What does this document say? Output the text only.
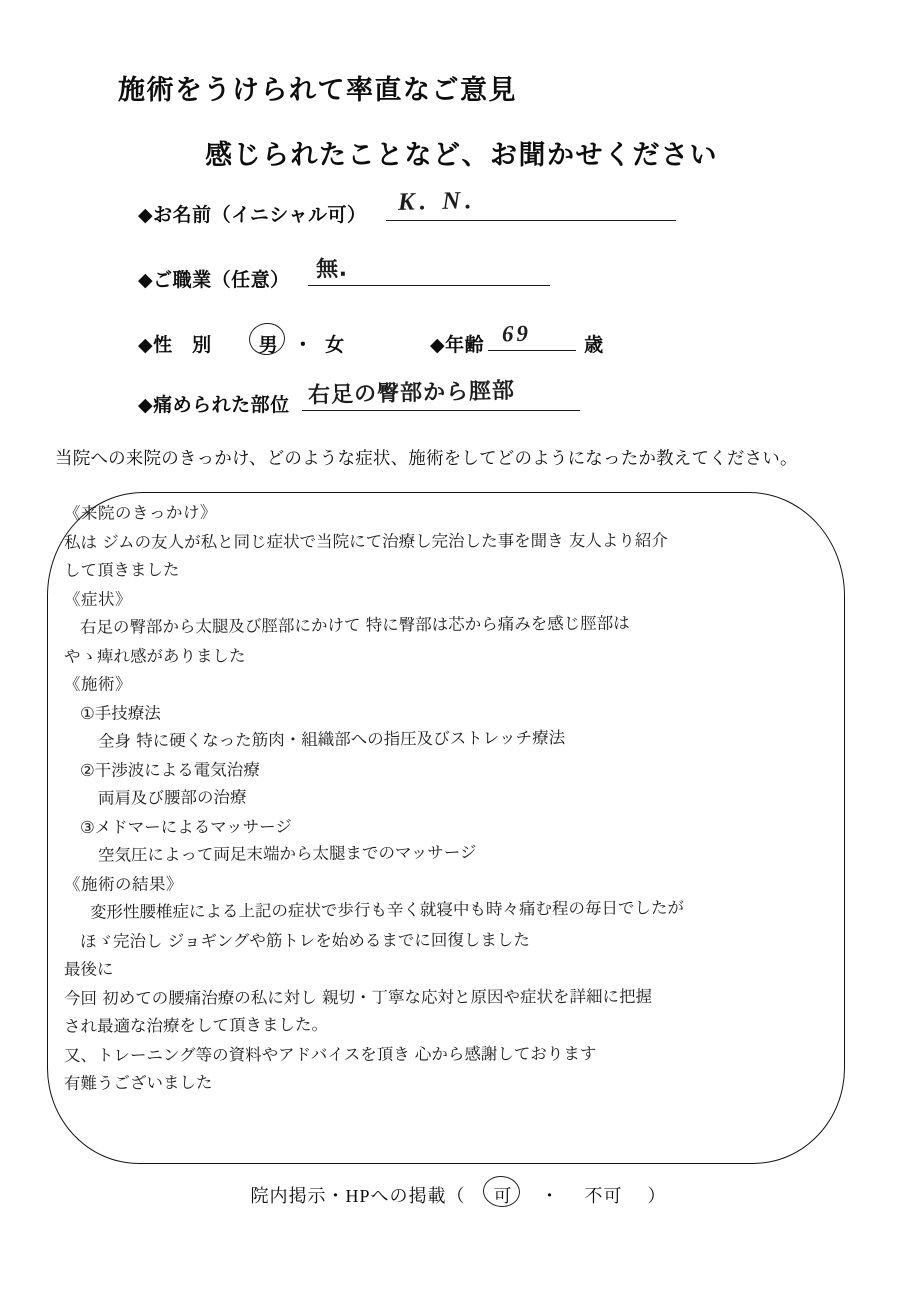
施術をうけられて率直なご意見
感じられたことなど、お聞かせください
◆お名前（イニシャル可） K. N.
◆ご職業（任意） 無.
◆性　別 男 ・ 女	◆年齢 69	歳
◆痛められた部位 右足の臀部から脛部
当院への来院のきっかけ、どのような症状、施術をしてどのようになったか教えてください。
《来院のきっかけ》
私は ジムの友人が私と同じ症状で当院にて治療し完治した事を聞き 友人より紹介
して頂きました
《症状》
右足の臀部から太腿及び脛部にかけて 特に臀部は芯から痛みを感じ脛部は
やゝ痺れ感がありました
《施術》
①手技療法
全身 特に硬くなった筋肉・組織部への指圧及びストレッチ療法
②干渉波による電気治療
両肩及び腰部の治療
③メドマーによるマッサージ
空気圧によって両足末端から太腿までのマッサージ
《施術の結果》
変形性腰椎症による上記の症状で歩行も辛く就寝中も時々痛む程の毎日でしたが
ほゞ完治し ジョギングや筋トレを始めるまでに回復しました
最後に
今回 初めての腰痛治療の私に対し 親切・丁寧な応対と原因や症状を詳細に把握
され最適な治療をして頂きました。
又、トレーニング等の資料やアドバイスを頂き 心から感謝しております
有難うございました
院内掲示・HPへの掲載（ 可 ・ 不可 ）
